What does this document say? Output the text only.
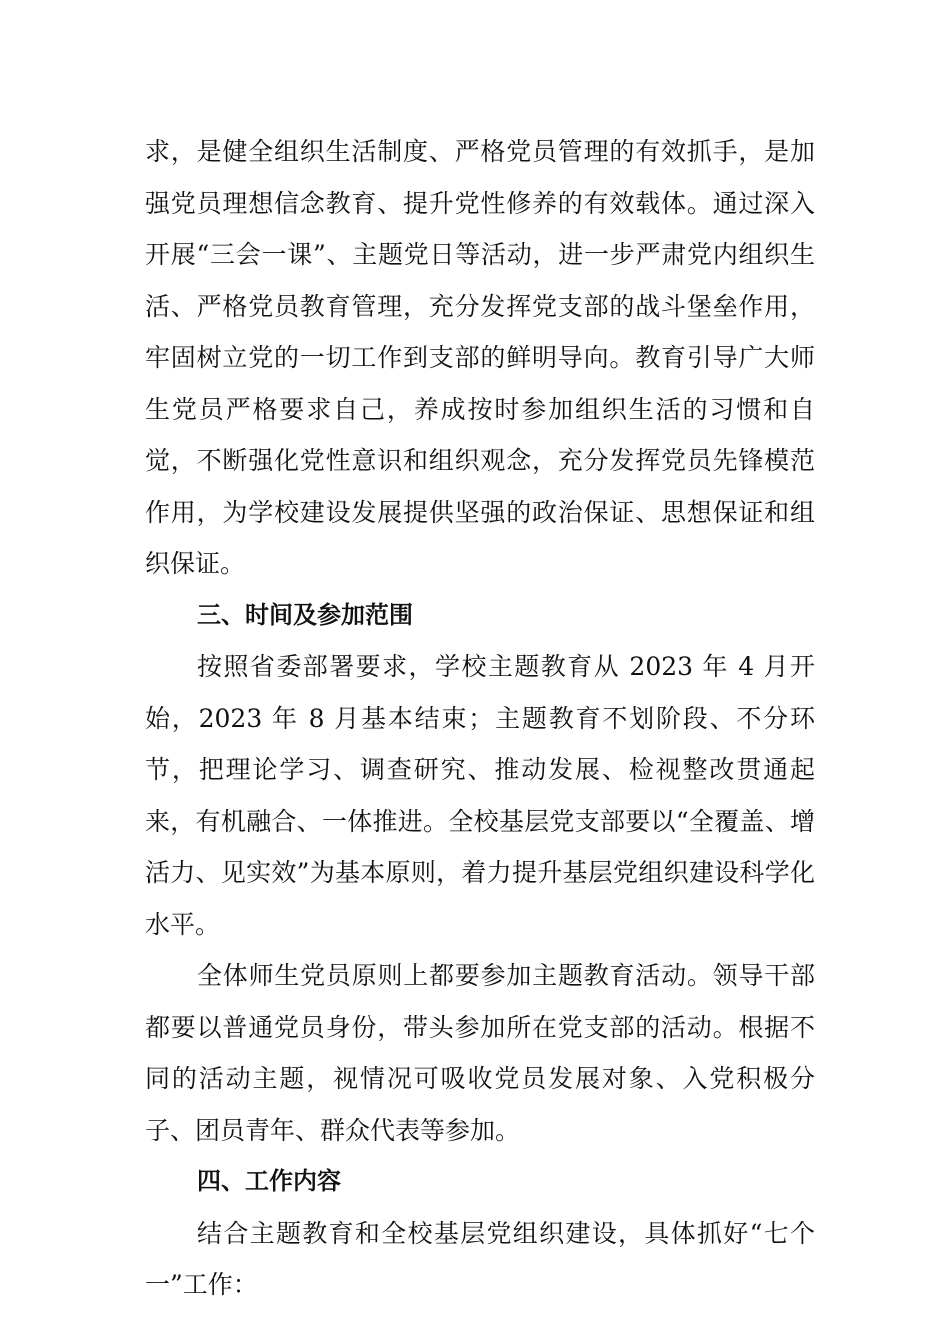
求，是健全组织生活制度、严格党员管理的有效抓手，是加强党员理想信念教育、提升党性修养的有效载体。通过深入开展“三会一课”、主题党日等活动，进一步严肃党内组织生活、严格党员教育管理，充分发挥党支部的战斗堡垒作用，牢固树立党的一切工作到支部的鲜明导向。教育引导广大师生党员严格要求自己，养成按时参加组织生活的习惯和自觉，不断强化党性意识和组织观念，充分发挥党员先锋模范作用，为学校建设发展提供坚强的政治保证、思想保证和组织保证。

三、时间及参加范围

按照省委部署要求，学校主题教育从 2023 年 4 月开始，2023 年 8 月基本结束；主题教育不划阶段、不分环节，把理论学习、调查研究、推动发展、检视整改贯通起来，有机融合、一体推进。全校基层党支部要以“全覆盖、增活力、见实效”为基本原则，着力提升基层党组织建设科学化水平。

全体师生党员原则上都要参加主题教育活动。领导干部都要以普通党员身份，带头参加所在党支部的活动。根据不同的活动主题，视情况可吸收党员发展对象、入党积极分子、团员青年、群众代表等参加。

四、工作内容

结合主题教育和全校基层党组织建设，具体抓好“七个一”工作：
